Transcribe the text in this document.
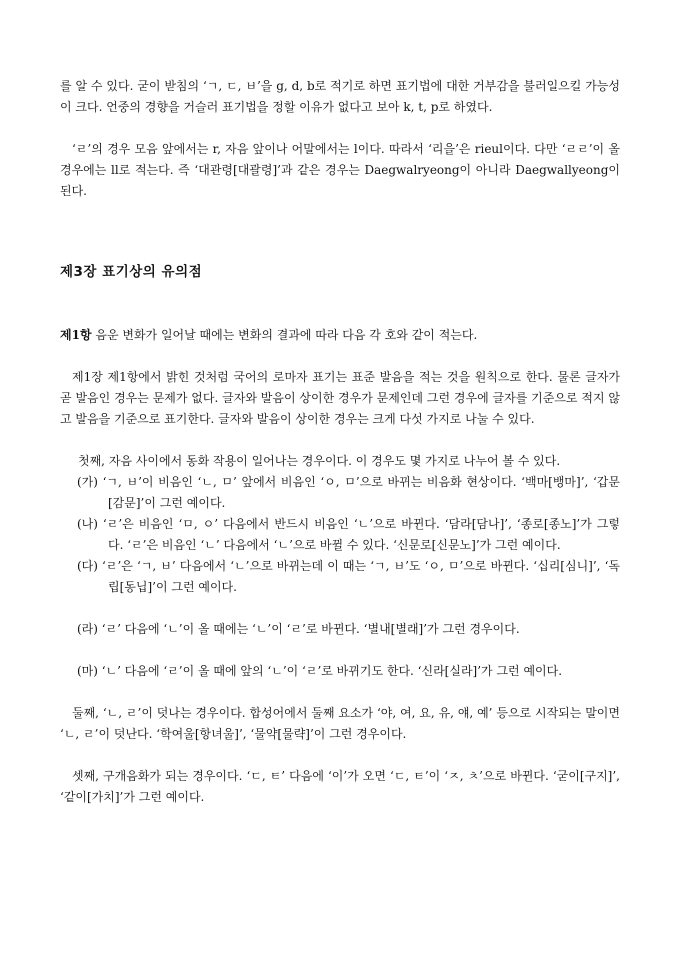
를 알 수 있다. 굳이 받침의 ‘ㄱ, ㄷ, ㅂ’을 g, d, b로 적기로 하면 표기법에 대한 거부감을 불러일으킬 가능성이 크다. 언중의 경향을 거슬러 표기법을 정할 이유가 없다고 보아 k, t, p로 하였다.

‘ㄹ’의 경우 모음 앞에서는 r, 자음 앞이나 어말에서는 l이다. 따라서 ‘리을’은 rieul이다. 다만 ‘ㄹㄹ’이 올 경우에는 ll로 적는다. 즉 ‘대관령[대괄령]’과 같은 경우는 Daegwalryeong이 아니라 Daegwallyeong이 된다.

제3장 표기상의 유의점

제1항 음운 변화가 일어날 때에는 변화의 결과에 따라 다음 각 호와 같이 적는다.

제1장 제1항에서 밝힌 것처럼 국어의 로마자 표기는 표준 발음을 적는 것을 원칙으로 한다. 물론 글자가 곧 발음인 경우는 문제가 없다. 글자와 발음이 상이한 경우가 문제인데 그런 경우에 글자를 기준으로 적지 않고 발음을 기준으로 표기한다. 글자와 발음이 상이한 경우는 크게 다섯 가지로 나눌 수 있다.

첫째, 자음 사이에서 동화 작용이 일어나는 경우이다. 이 경우도 몇 가지로 나누어 볼 수 있다.

(가) ‘ㄱ, ㅂ’이 비음인 ‘ㄴ, ㅁ’ 앞에서 비음인 ‘ㅇ, ㅁ’으로 바뀌는 비음화 현상이다. ‘백마[뱅마]’, ‘갑문[감문]’이 그런 예이다.

(나) ‘ㄹ’은 비음인 ‘ㅁ, ㅇ’ 다음에서 반드시 비음인 ‘ㄴ’으로 바뀐다. ‘담라[담나]’, ‘종로[종노]’가 그렇다. ‘ㄹ’은 비음인 ‘ㄴ’ 다음에서 ‘ㄴ’으로 바뀔 수 있다. ‘신문로[신문노]’가 그런 예이다.

(다) ‘ㄹ’은 ‘ㄱ, ㅂ’ 다음에서 ‘ㄴ’으로 바뀌는데 이 때는 ‘ㄱ, ㅂ’도 ‘ㅇ, ㅁ’으로 바뀐다. ‘십리[심니]’, ‘독립[동닙]’이 그런 예이다.

(라) ‘ㄹ’ 다음에 ‘ㄴ’이 올 때에는 ‘ㄴ’이 ‘ㄹ’로 바뀐다. ‘별내[별래]’가 그런 경우이다.

(마) ‘ㄴ’ 다음에 ‘ㄹ’이 올 때에 앞의 ‘ㄴ’이 ‘ㄹ’로 바뀌기도 한다. ‘신라[실라]’가 그런 예이다.

둘째, ‘ㄴ, ㄹ’이 덧나는 경우이다. 합성어에서 둘째 요소가 ‘야, 여, 요, 유, 얘, 예’ 등으로 시작되는 말이면 ‘ㄴ, ㄹ’이 덧난다. ‘학여울[항녀울]’, ‘물약[물략]’이 그런 경우이다.

셋째, 구개음화가 되는 경우이다. ‘ㄷ, ㅌ’ 다음에 ‘이’가 오면 ‘ㄷ, ㅌ’이 ‘ㅈ, ㅊ’으로 바뀐다. ‘굳이[구지]’, ‘같이[가치]’가 그런 예이다.
